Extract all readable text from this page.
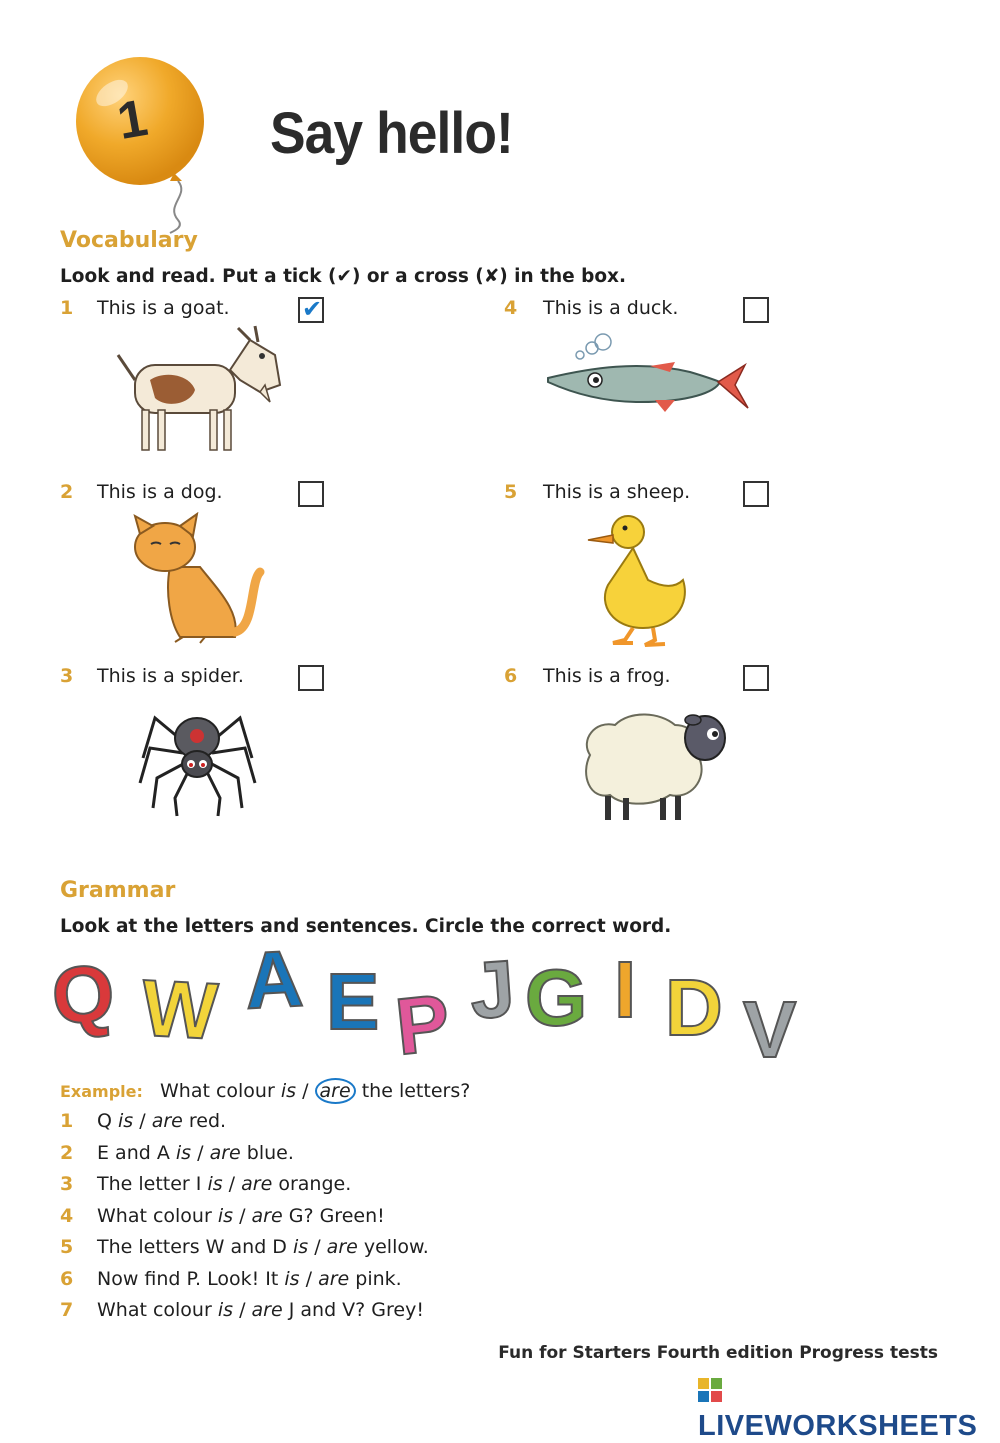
1 Say hello!
Vocabulary
Look and read. Put a tick (✔) or a cross (✘) in the box.
1 This is a goat.	✔
2 This is a dog.
3 This is a spider.
4 This is a duck.
5 This is a sheep.
6 This is a frog.
Grammar
Look at the letters and sentences. Circle the correct word.
Q W A E P J G I D V
Example: What colour is / are the letters?
1 Q is / are red.
2 E and A is / are blue.
3 The letter I is / are orange.
4 What colour is / are G? Green!
5 The letters W and D is / are yellow.
6 Now find P. Look! It is / are pink.
7 What colour is / are J and V? Grey!
Fun for Starters Fourth edition Progress tests
LIVEWORKSHEETS
